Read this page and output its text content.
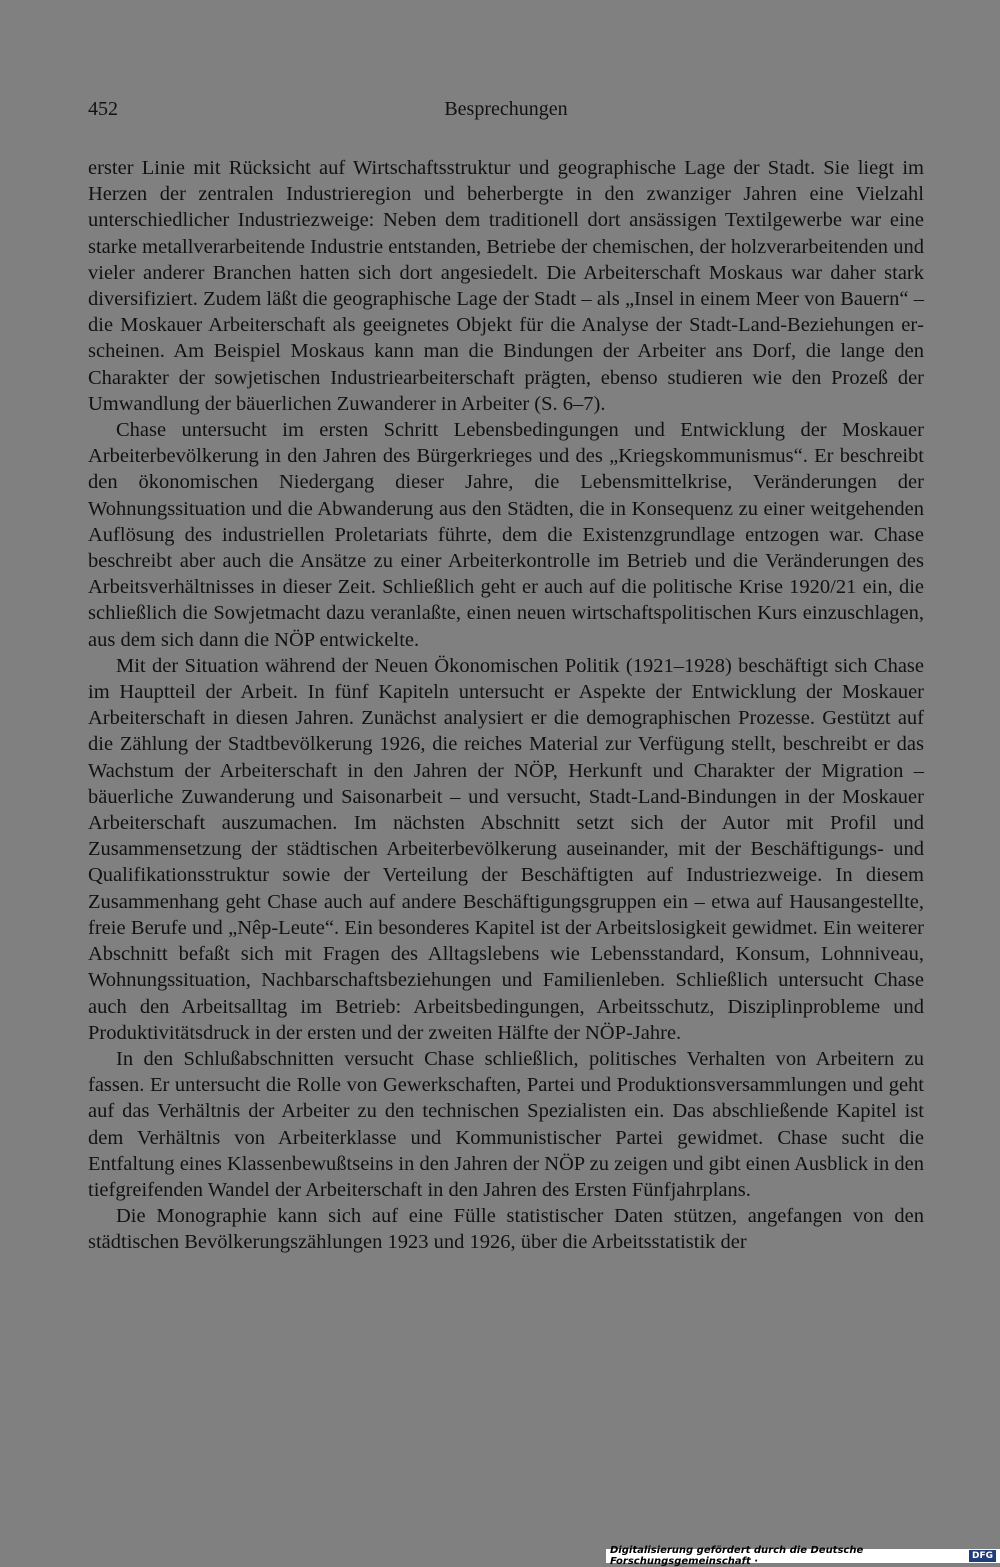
452	Besprechungen

erster Linie mit Rücksicht auf Wirtschaftsstruktur und geographische Lage der Stadt. Sie liegt im Herzen der zentralen Industrieregion und beherbergte in den zwanziger Jahren eine Vielzahl unterschiedlicher Industriezweige: Neben dem traditionell dort ansässigen Textilgewerbe war eine starke metallverarbeitende Industrie entstanden, Betriebe der chemischen, der holzverarbeitenden und vieler anderer Branchen hatten sich dort angesiedelt. Die Arbeiterschaft Moskaus war daher stark diversifiziert. Zudem läßt die geographische Lage der Stadt – als „Insel in einem Meer von Bauern“ – die Moskauer Arbeiterschaft als geeignetes Objekt für die Analyse der Stadt-Land-Beziehungen erscheinen. Am Beispiel Moskaus kann man die Bindungen der Arbeiter ans Dorf, die lange den Charakter der sowjetischen Industriearbeiterschaft prägten, ebenso studieren wie den Prozeß der Umwandlung der bäuerlichen Zuwanderer in Arbeiter (S. 6–7).

Chase untersucht im ersten Schritt Lebensbedingungen und Entwicklung der Moskauer Arbeiterbevölkerung in den Jahren des Bürgerkrieges und des „Kriegskommunismus“. Er beschreibt den ökonomischen Niedergang dieser Jahre, die Lebensmittelkrise, Veränderungen der Wohnungssituation und die Abwanderung aus den Städten, die in Konsequenz zu einer weitgehenden Auflösung des industriellen Proletariats führte, dem die Existenzgrundlage entzogen war. Chase beschreibt aber auch die Ansätze zu einer Arbeiterkontrolle im Betrieb und die Veränderungen des Arbeitsverhältnisses in dieser Zeit. Schließlich geht er auch auf die politische Krise 1920/21 ein, die schließlich die Sowjetmacht dazu veranlaßte, einen neuen wirtschaftspolitischen Kurs einzuschlagen, aus dem sich dann die NÖP entwickelte.

Mit der Situation während der Neuen Ökonomischen Politik (1921–1928) beschäftigt sich Chase im Hauptteil der Arbeit. In fünf Kapiteln untersucht er Aspekte der Entwicklung der Moskauer Arbeiterschaft in diesen Jahren. Zunächst analysiert er die demographischen Prozesse. Gestützt auf die Zählung der Stadtbevölkerung 1926, die reiches Material zur Verfügung stellt, beschreibt er das Wachstum der Arbeiterschaft in den Jahren der NÖP, Herkunft und Charakter der Migration – bäuerliche Zuwanderung und Saisonarbeit – und versucht, Stadt-Land-Bindungen in der Moskauer Arbeiterschaft auszumachen. Im nächsten Abschnitt setzt sich der Autor mit Profil und Zusammensetzung der städtischen Arbeiterbevölkerung auseinander, mit der Beschäftigungs- und Qualifikationsstruktur sowie der Verteilung der Beschäftigten auf Industriezweige. In diesem Zusammenhang geht Chase auch auf andere Beschäftigungsgruppen ein – etwa auf Hausangestellte, freie Berufe und „Nêp-Leute“. Ein besonderes Kapitel ist der Arbeitslosigkeit gewidmet. Ein weiterer Abschnitt befaßt sich mit Fragen des Alltagslebens wie Lebensstandard, Konsum, Lohnniveau, Wohnungssituation, Nachbarschaftsbeziehungen und Familienleben. Schließlich untersucht Chase auch den Arbeitsalltag im Betrieb: Arbeitsbedingungen, Arbeitsschutz, Disziplinprobleme und Produktivitätsdruck in der ersten und der zweiten Hälfte der NÖP-Jahre.

In den Schlußabschnitten versucht Chase schließlich, politisches Verhalten von Arbeitern zu fassen. Er untersucht die Rolle von Gewerkschaften, Partei und Produktionsversammlungen und geht auf das Verhältnis der Arbeiter zu den technischen Spezialisten ein. Das abschließende Kapitel ist dem Verhältnis von Arbeiterklasse und Kommunistischer Partei gewidmet. Chase sucht die Entfaltung eines Klassenbewußtseins in den Jahren der NÖP zu zeigen und gibt einen Ausblick in den tiefgreifenden Wandel der Arbeiterschaft in den Jahren des Ersten Fünfjahrplans.

Die Monographie kann sich auf eine Fülle statistischer Daten stützen, angefangen von den städtischen Bevölkerungszählungen 1923 und 1926, über die Arbeitsstatistik der

Digitalisierung gefördert durch die Deutsche Forschungsgemeinschaft ·	DFG
